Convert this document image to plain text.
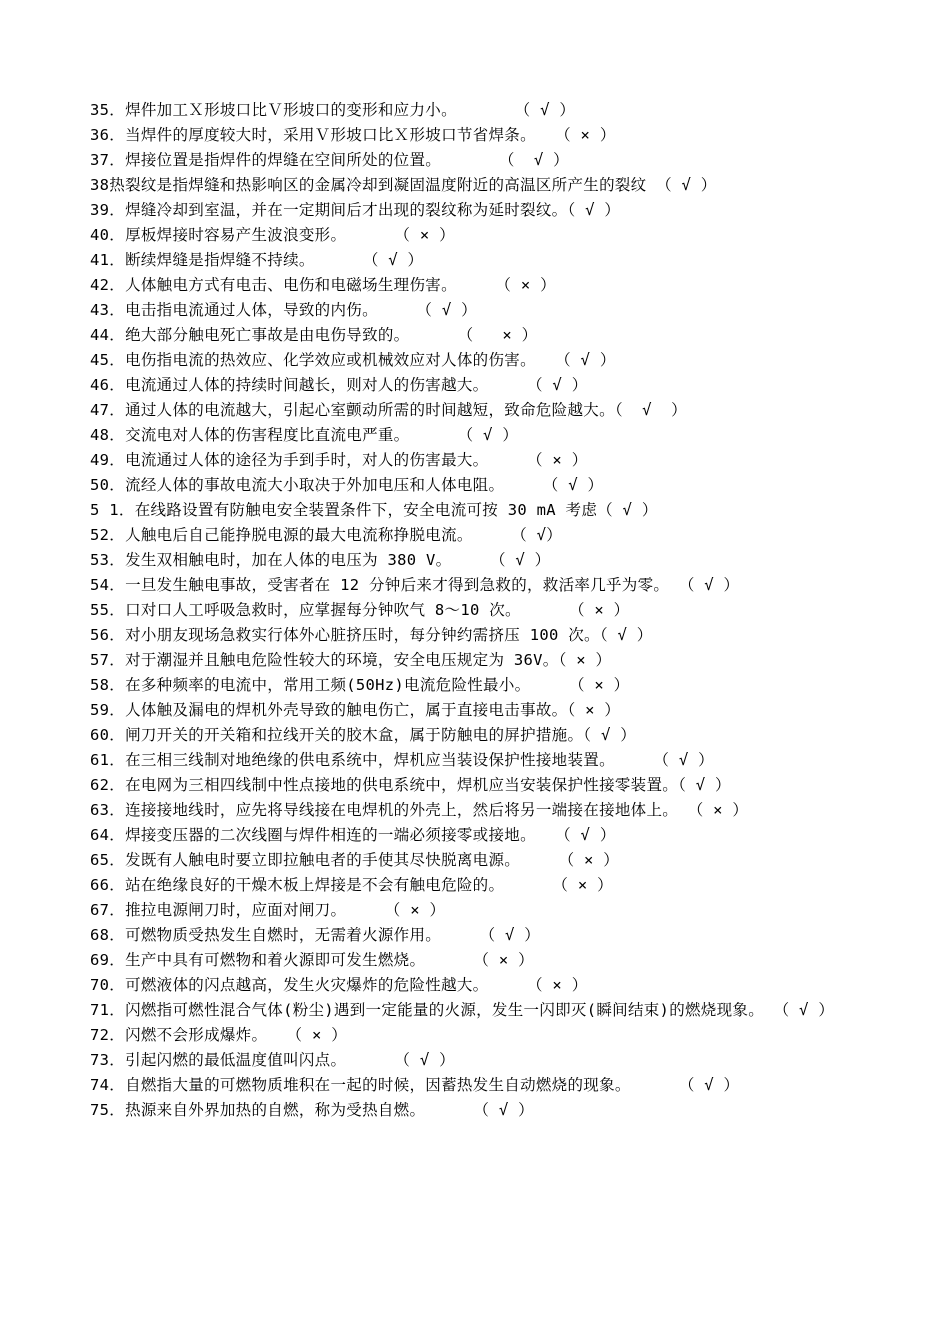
35．焊件加工Ｘ形坡口比Ｖ形坡口的变形和应力小。      （ √ ）
36．当焊件的厚度较大时，采用Ｖ形坡口比Ｘ形坡口节省焊条。  （ × ）
37．焊接位置是指焊件的焊缝在空间所处的位置。      （  √ ）
38热裂纹是指焊缝和热影响区的金属冷却到凝固温度附近的高温区所产生的裂纹 （ √ ）
39．焊缝冷却到室温，并在一定期间后才出现的裂纹称为延时裂纹。（ √ ）
40．厚板焊接时容易产生波浪变形。     （ × ）
41．断续焊缝是指焊缝不持续。     （ √ ）
42．人体触电方式有电击、电伤和电磁场生理伤害。    （ × ）
43．电击指电流通过人体，导致的内伤。    （ √ ）
44．绝大部分触电死亡事故是由电伤导致的。     （   × ）
45．电伤指电流的热效应、化学效应或机械效应对人体的伤害。  （ √ ）
46．电流通过人体的持续时间越长，则对人的伤害越大。    （ √ ）
47．通过人体的电流越大，引起心室颤动所需的时间越短，致命危险越大。（  √  ）
48．交流电对人体的伤害程度比直流电严重。     （ √ ）
49．电流通过人体的途径为手到手时，对人的伤害最大。    （ × ）
50．流经人体的事故电流大小取决于外加电压和人体电阻。    （ √ ）
5 1．在线路设置有防触电安全装置条件下，安全电流可按 30 mA 考虑（ √ ）
52．人触电后自己能挣脱电源的最大电流称挣脱电流。    （ √）
53．发生双相触电时，加在人体的电压为 380 V。    （ √ ）
54．一旦发生触电事故，受害者在 12 分钟后来才得到急救的，救活率几乎为零。 （ √ ）
55．口对口人工呼吸急救时，应掌握每分钟吹气 8～10 次。     （ × ）
56．对小朋友现场急救实行体外心脏挤压时，每分钟约需挤压 100 次。（ √ ）
57．对于潮湿并且触电危险性较大的环境，安全电压规定为 36V。（ × ）
58．在多种频率的电流中，常用工频(50Hz)电流危险性最小。    （ × ）
59．人体触及漏电的焊机外壳导致的触电伤亡，属于直接电击事故。（ × ）
60．闸刀开关的开关箱和拉线开关的胶木盒，属于防触电的屏护措施。（ √ ）
61．在三相三线制对地绝缘的供电系统中，焊机应当装设保护性接地装置。    （ √ ）
62．在电网为三相四线制中性点接地的供电系统中，焊机应当安装保护性接零装置。（ √ ）
63．连接接地线时，应先将导线接在电焊机的外壳上，然后将另一端接在接地体上。 （ × ）
64．焊接变压器的二次线圈与焊件相连的一端必须接零或接地。  （ √ ）
65．发既有人触电时要立即拉触电者的手使其尽快脱离电源。    （ × ）
66．站在绝缘良好的干燥木板上焊接是不会有触电危险的。     （ × ）
67．推拉电源闸刀时，应面对闸刀。    （ × ）
68．可燃物质受热发生自燃时，无需着火源作用。    （ √ ）
69．生产中具有可燃物和着火源即可发生燃烧。     （ × ）
70．可燃液体的闪点越高，发生火灾爆炸的危险性越大。    （ × ）
71．闪燃指可燃性混合气体(粉尘)遇到一定能量的火源，发生一闪即灭(瞬间结束)的燃烧现象。 （ √ ）
72．闪燃不会形成爆炸。  （ × ）
73．引起闪燃的最低温度值叫闪点。     （ √ ）
74．自燃指大量的可燃物质堆积在一起的时候，因蓄热发生自动燃烧的现象。     （ √ ）
75．热源来自外界加热的自燃，称为受热自燃。     （ √ ）
